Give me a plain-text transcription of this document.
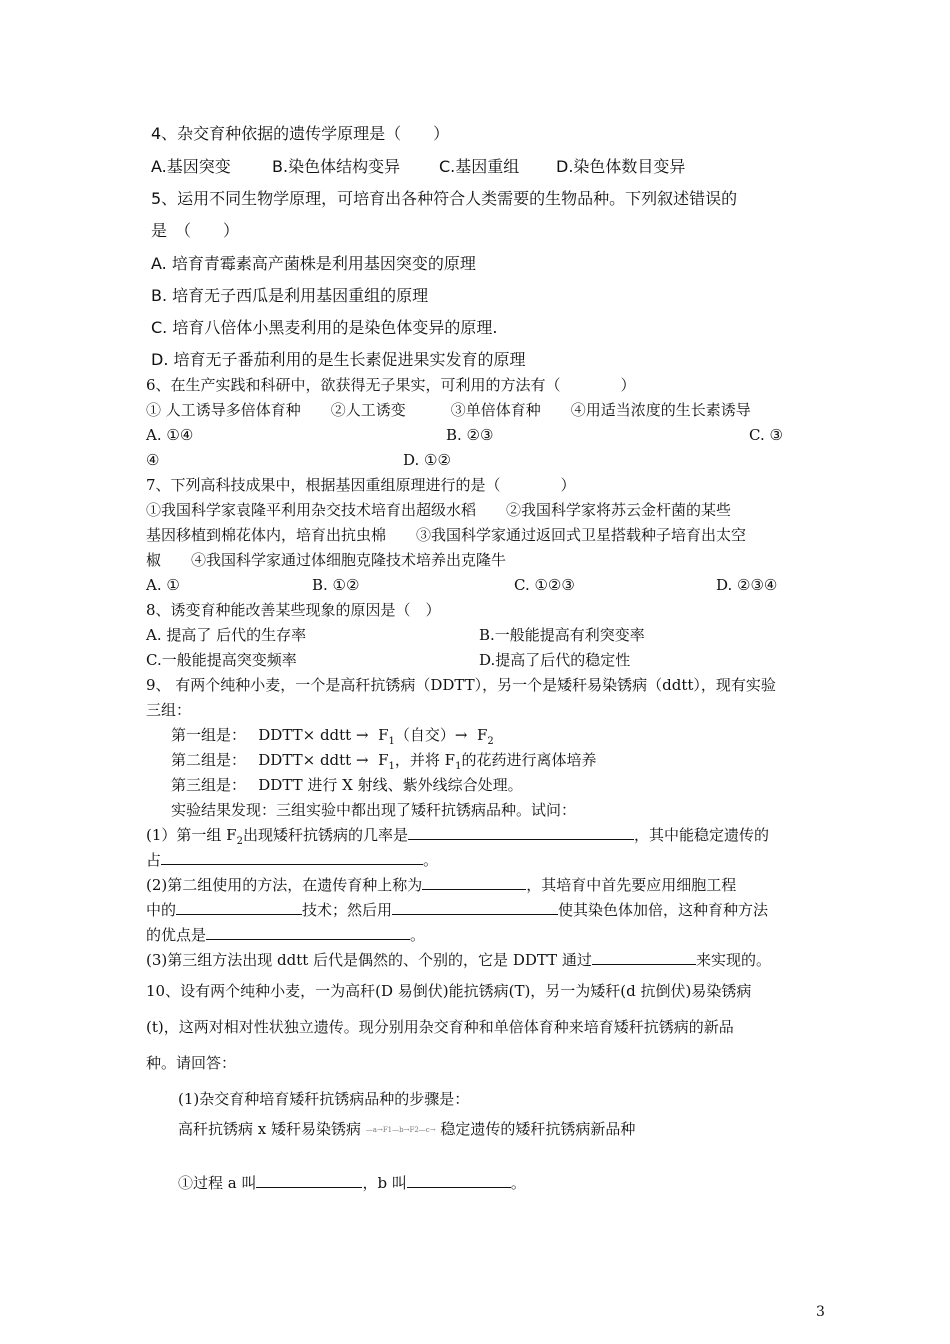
4、杂交育种依据的遗传学原理是（　　）
A.基因突变	B.染色体结构变异 C.基因重组 D.染色体数目变异
5、运用不同生物学原理，可培育出各种符合人类需要的生物品种。下列叙述错误的
是　（　　）
A. 培育青霉素高产菌株是利用基因突变的原理
B. 培育无子西瓜是利用基因重组的原理
C. 培育八倍体小黑麦利用的是染色体变异的原理.
D. 培育无子番茄利用的是生长素促进果实发育的原理
6、在生产实践和科研中，欲获得无子果实，可利用的方法有（　　　　）
① 人工诱导多倍体育种　　②人工诱变　　　③单倍体育种　　④用适当浓度的生长素诱导
A. ①④	B. ②③	C. ③
④	D. ①②
7、下列高科技成果中，根据基因重组原理进行的是（　　　　）
①我国科学家袁隆平利用杂交技术培育出超级水稻　　②我国科学家将苏云金杆菌的某些
基因移植到棉花体内，培育出抗虫棉　　③我国科学家通过返回式卫星搭载种子培育出太空
椒　　④我国科学家通过体细胞克隆技术培养出克隆牛
A. ①	B. ①②	C. ①②③	D. ②③④
8、诱变育种能改善某些现象的原因是（　）
A. 提高了 后代的生存率	B.一般能提高有利突变率
C.一般能提高突变频率	D.提高了后代的稳定性
9、 有两个纯种小麦，一个是高秆抗锈病（DDTT），另一个是矮秆易染锈病（ddtt），现有实验
三组：
第一组是：　 DDTT× ddtt →  $F_1$（自交）→  $F_2$
第二组是：　 DDTT× ddtt →  $F_1$，并将 $F_1$的花药进行离体培养
第三组是：　 DDTT 进行 X 射线、紫外线综合处理。
实验结果发现：三组实验中都出现了矮秆抗锈病品种。试问：
(1）第一组 $F_2$出现矮秆抗锈病的几率是	，其中能稳定遗传的
占	。
(2)第二组使用的方法，在遗传育种上称为	，其培育中首先要应用细胞工程
中的	技术；然后用	使其染色体加倍，这种育种方法
的优点是	。
(3)第三组方法出现 ddtt 后代是偶然的、个别的，它是 DDTT 通过	来实现的。
10、设有两个纯种小麦，一为高秆(D 易倒伏)能抗锈病(T)，另一为矮秆(d 抗倒伏)易染锈病
(t)，这两对相对性状独立遗传。现分别用杂交育种和单倍体育种来培育矮秆抗锈病的新品
种。请回答：
(1)杂交育种培育矮秆抗锈病品种的步骤是：
高秆抗锈病 x 矮秆易染锈病 —a→F1—b→F2—c→ 稳定遗传的矮秆抗锈病新品种
①过程 a 叫	，b 叫	。
3
